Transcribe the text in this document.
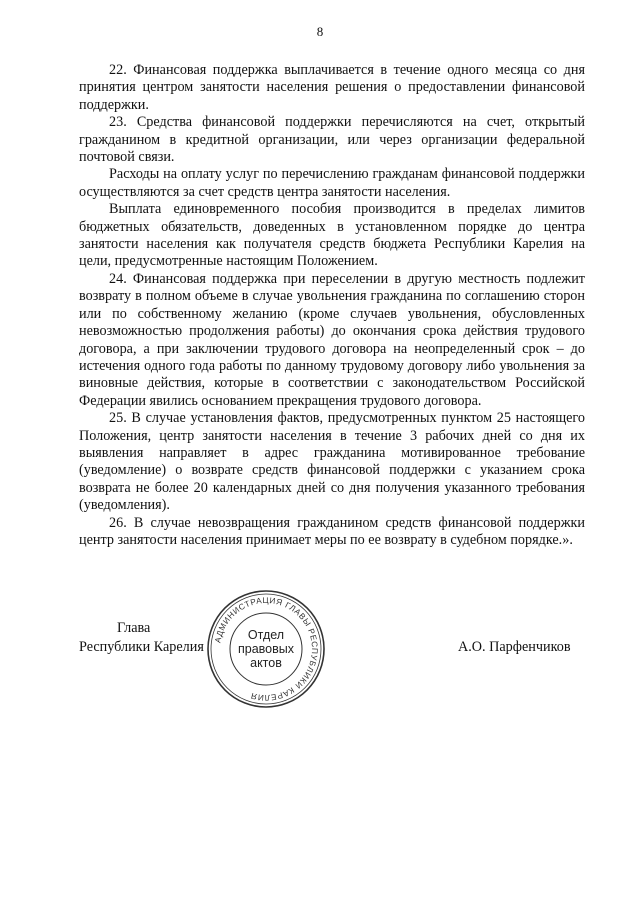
8

22. Финансовая поддержка выплачивается в течение одного месяца со дня принятия центром занятости населения решения о предоставлении финансовой поддержки.

23. Средства финансовой поддержки перечисляются на счет, открытый гражданином в кредитной организации, или через организации федеральной почтовой связи.

Расходы на оплату услуг по перечислению гражданам финансовой поддержки осуществляются за счет средств центра занятости населения.

Выплата единовременного пособия производится в пределах лимитов бюджетных обязательств, доведенных в установленном порядке до центра занятости населения как получателя средств бюджета Республики Карелия на цели, предусмотренные настоящим Положением.

24. Финансовая поддержка при переселении в другую местность подлежит возврату в полном объеме в случае увольнения гражданина по соглашению сторон или по собственному желанию (кроме случаев увольнения, обусловленных невозможностью продолжения работы) до окончания срока действия трудового договора, а при заключении трудового договора на неопределенный срок – до истечения одного года работы по данному трудовому договору либо увольнения за виновные действия, которые в соответствии с законодательством Российской Федерации явились основанием прекращения трудового договора.

25. В случае установления фактов, предусмотренных пунктом 25 настоящего Положения, центр занятости населения в течение 3 рабочих дней со дня их выявления направляет в адрес гражданина мотивированное требование (уведомление) о возврате средств финансовой поддержки с указанием срока возврата не более 20 календарных дней со дня получения указанного требования (уведомления).

26. В случае невозвращения гражданином средств финансовой поддержки центр занятости населения принимает меры по ее возврату в судебном порядке.».

Глава
Республики Карелия	А.О. Парфенчиков
АДМИНИСТРАЦИЯ ГЛАВЫ РЕСПУБЛИКИ КАРЕЛИЯ
Отдел
правовых
актов
